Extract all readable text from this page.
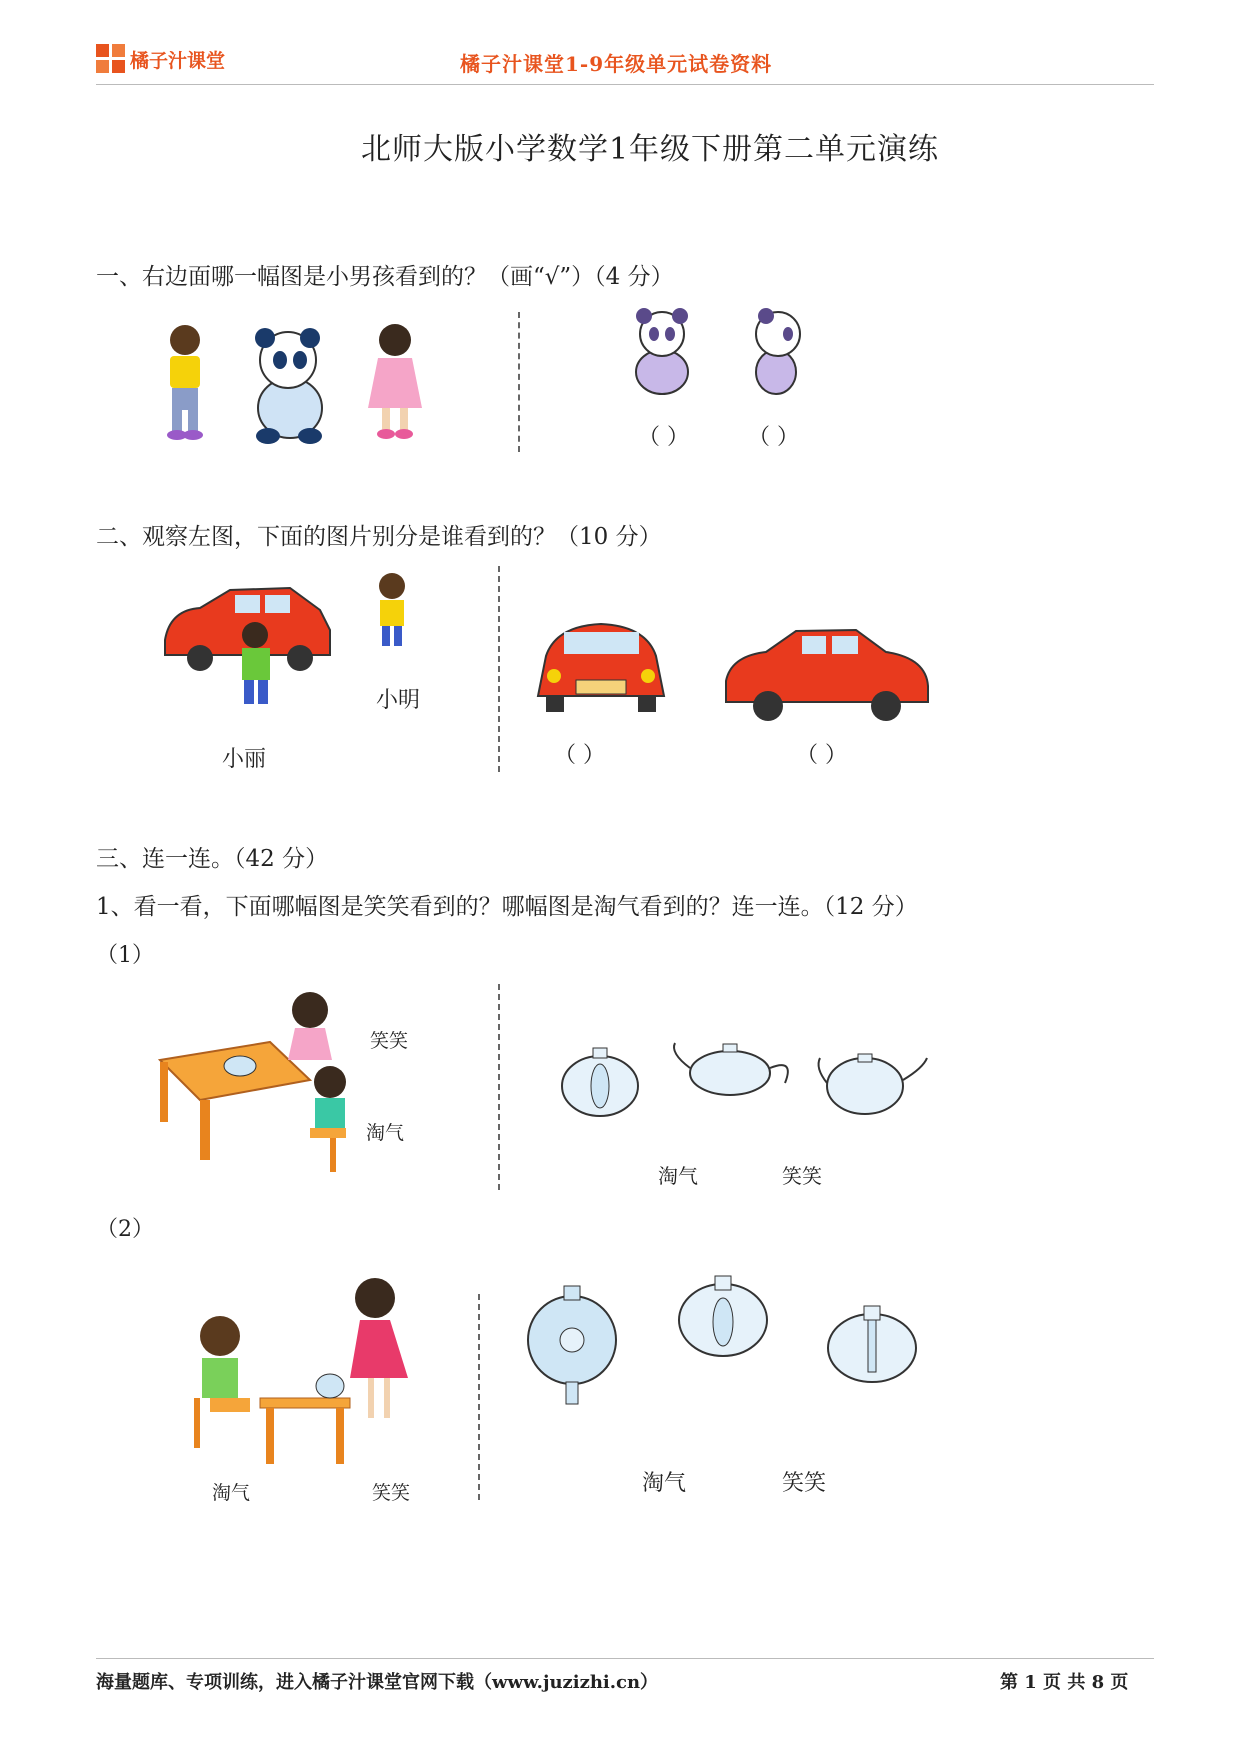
橘子汁课堂	橘子汁课堂1-9年级单元试卷资料
北师大版小学数学1年级下册第二单元演练
一、右边面哪一幅图是小男孩看到的？（画“√”）（4 分）
（ ）	（ ）
二、观察左图，下面的图片别分是谁看到的？（10 分）
小明
小丽	（ ）	（ ）
三、连一连。（42 分）
1、看一看，下面哪幅图是笑笑看到的？哪幅图是淘气看到的？连一连。（12 分）
（1）
笑笑
淘气
淘气	笑笑
（2）
淘气	笑笑	淘气	笑笑
海量题库、专项训练，进入橘子汁课堂官网下载（www.juzizhi.cn）	第 1 页 共 8 页
